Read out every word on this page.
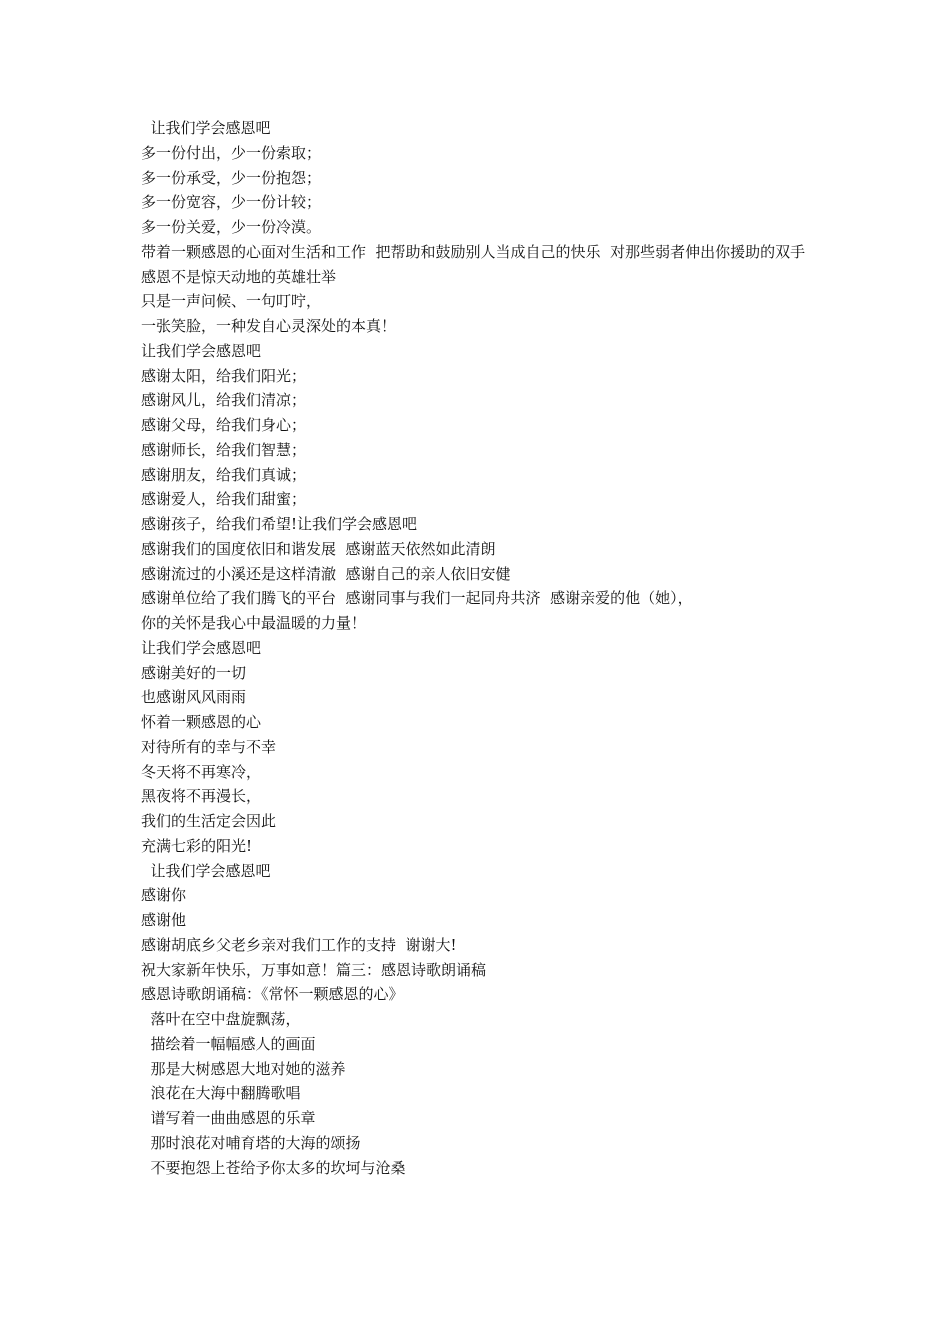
让我们学会感恩吧

多一份付出，少一份索取；

多一份承受，少一份抱怨；

多一份宽容，少一份计较；

多一份关爱，少一份冷漠。

带着一颗感恩的心面对生活和工作  把帮助和鼓励别人当成自己的快乐  对那些弱者伸出你援助的双手

感恩不是惊天动地的英雄壮举

只是一声问候、一句叮咛，

一张笑脸，一种发自心灵深处的本真！

让我们学会感恩吧

感谢太阳，给我们阳光；

感谢风儿，给我们清凉；

感谢父母，给我们身心；

感谢师长，给我们智慧；

感谢朋友，给我们真诚；

感谢爱人，给我们甜蜜；

感谢孩子，给我们希望!让我们学会感恩吧

感谢我们的国度依旧和谐发展  感谢蓝天依然如此清朗

感谢流过的小溪还是这样清澈  感谢自己的亲人依旧安健

感谢单位给了我们腾飞的平台  感谢同事与我们一起同舟共济  感谢亲爱的他（她），

你的关怀是我心中最温暖的力量！

让我们学会感恩吧

感谢美好的一切

也感谢风风雨雨

怀着一颗感恩的心

对待所有的幸与不幸

冬天将不再寒冷，

黑夜将不再漫长，

我们的生活定会因此

充满七彩的阳光!

让我们学会感恩吧

感谢你

感谢他

感谢胡底乡父老乡亲对我们工作的支持  谢谢大!

祝大家新年快乐，万事如意！篇三：感恩诗歌朗诵稿

感恩诗歌朗诵稿：《常怀一颗感恩的心》

落叶在空中盘旋飘荡，

描绘着一幅幅感人的画面

那是大树感恩大地对她的滋养

浪花在大海中翻腾歌唱

谱写着一曲曲感恩的乐章

那时浪花对哺育塔的大海的颂扬

不要抱怨上苍给予你太多的坎坷与沧桑
